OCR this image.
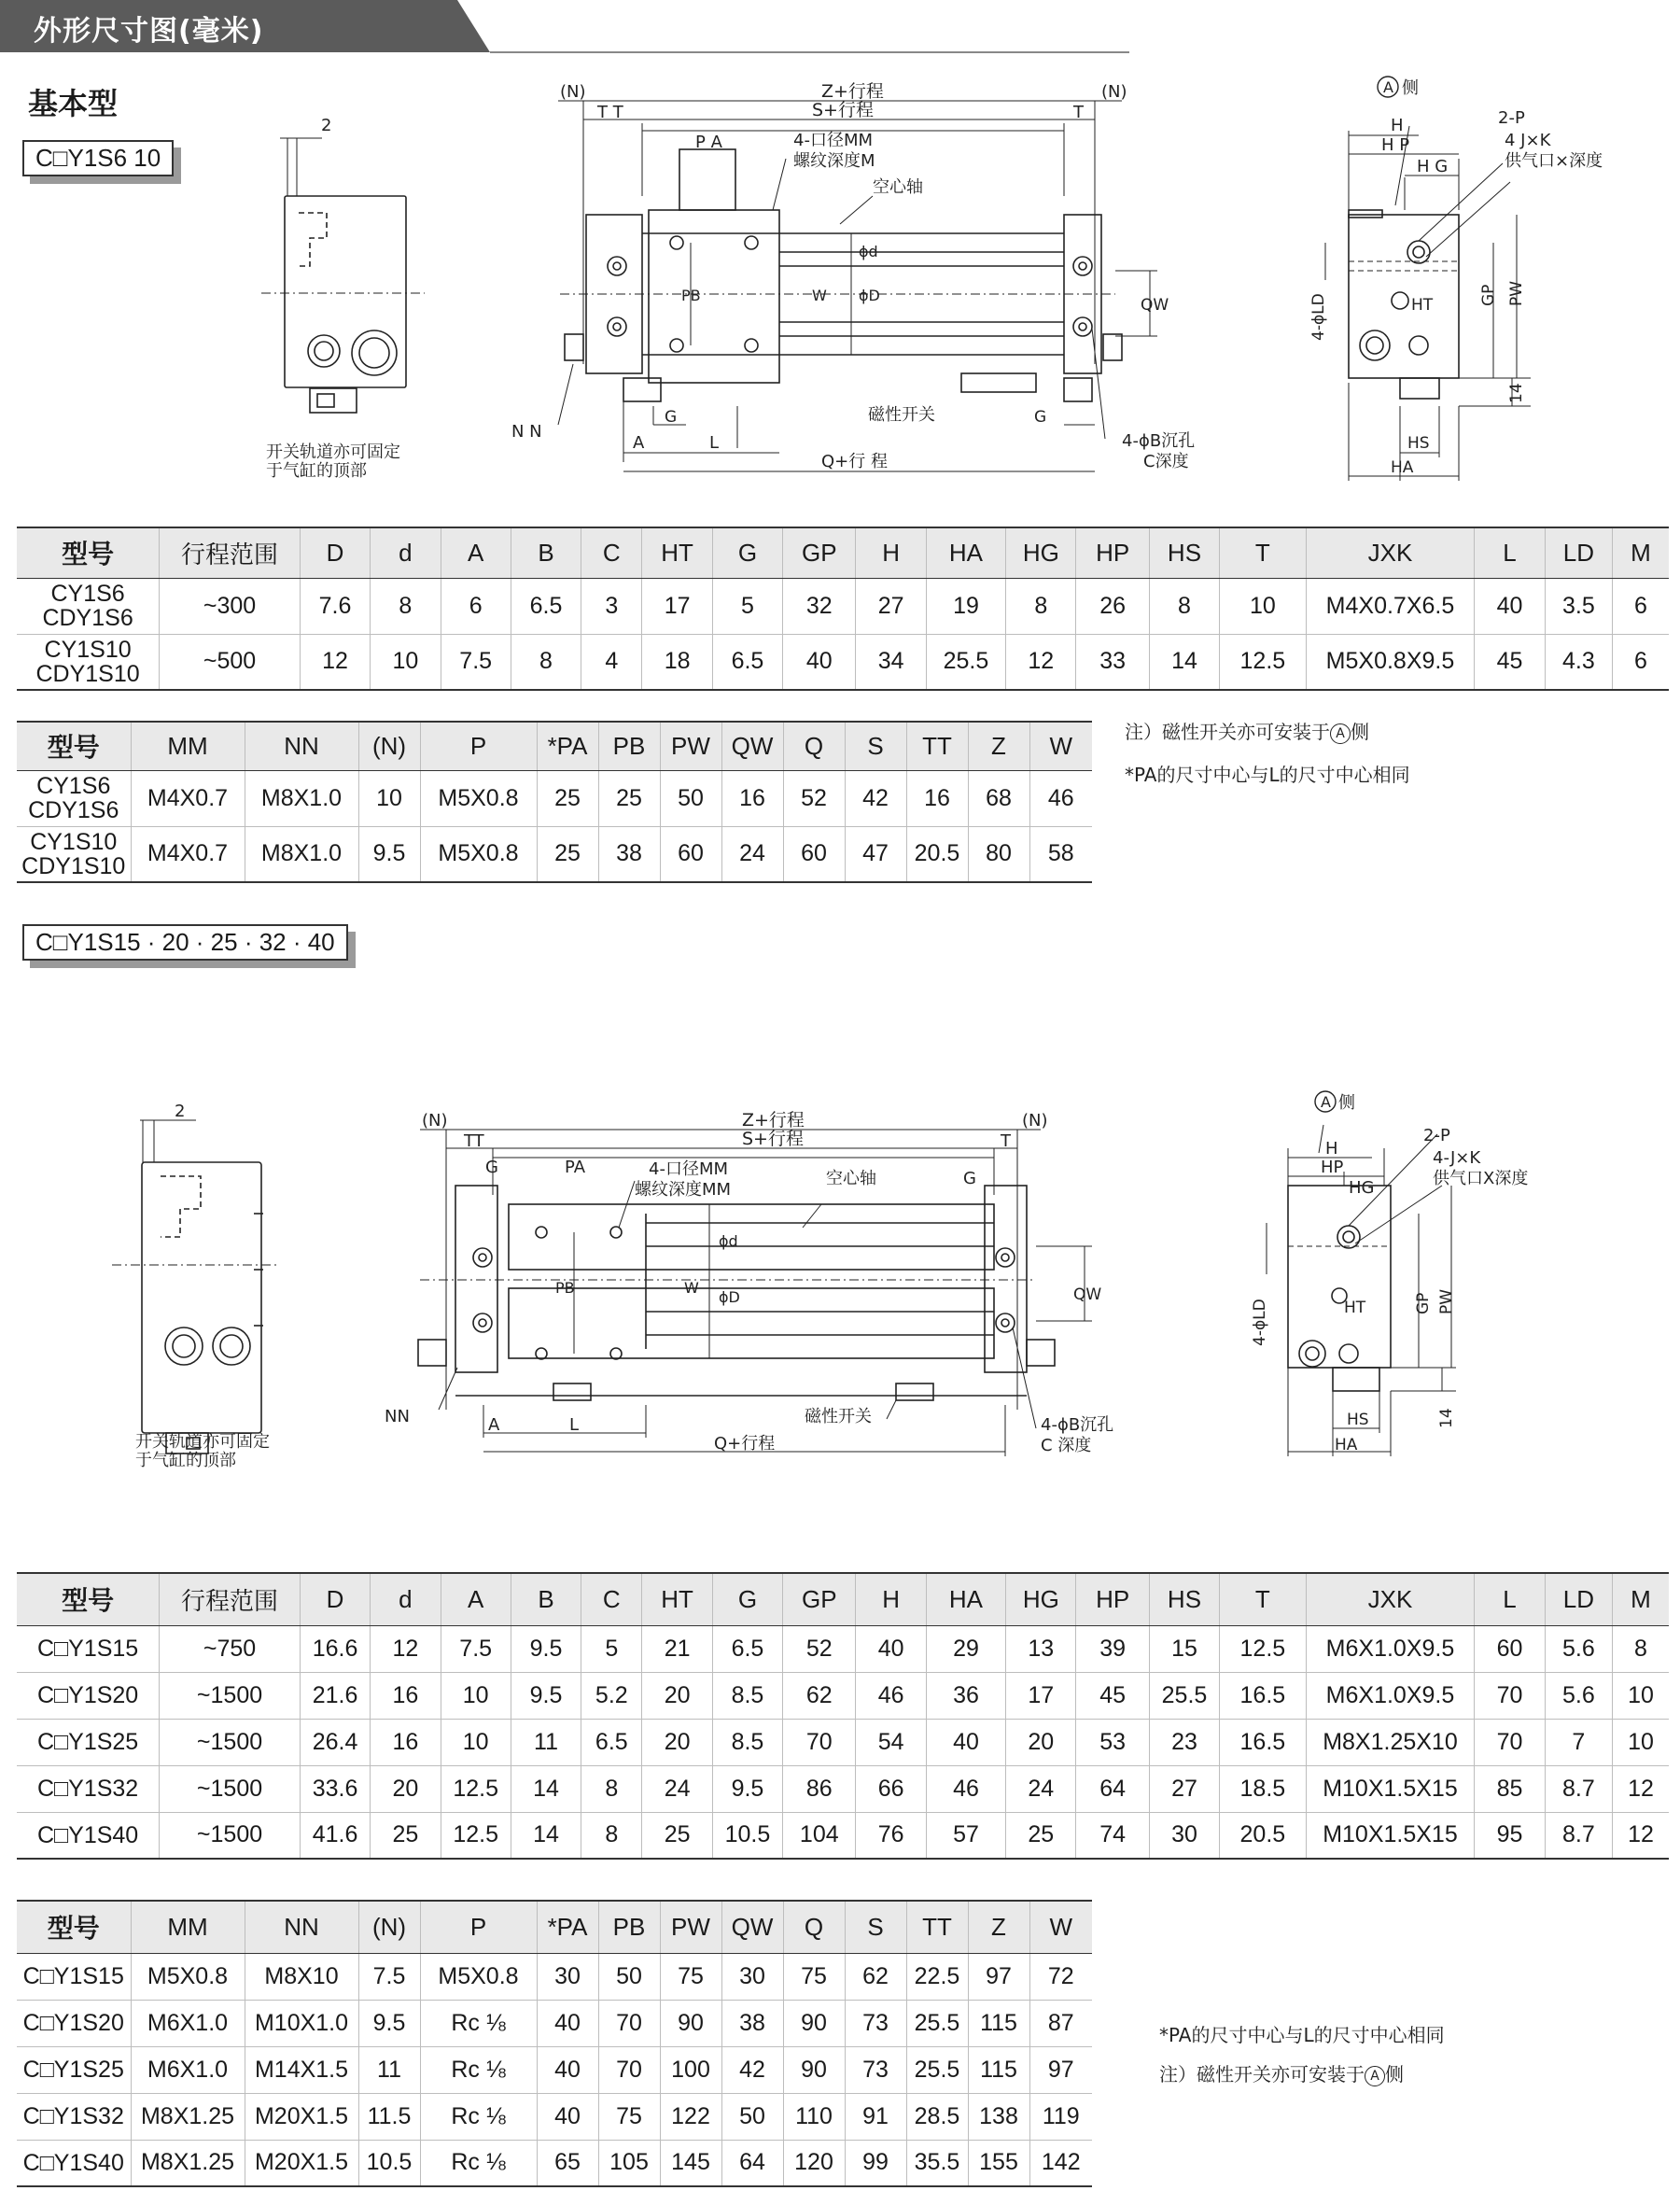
外形尺寸图(毫米)
基本型
C□Y1S6 10
2
开关轨道亦可固定
于气缸的顶部
(N)	(N)
Z+行程
S+行程
T T	T
P A	4-口径MM
螺纹深度M
空心轴
ϕd
ϕD
W
PB
QW
磁性开关
G	G
N N
A	L
Q+行 程
4-ϕB沉孔
C深度
A 侧
H
H P
H G
2-P
4 J×K
供气口×深度
HT	GP PW
4-ϕLD
14
HS
HA
型号	行程范围	D	d	A	B	C	HT	G	GP	H	HA	HG	HP	HS	T	JXK	L	LD	M
CY1S6
CDY1S6	~300	7.6	8	6	6.5	3	17	5	32	27	19	8	26	8	10	M4X0.7X6.5	40	3.5	6
CY1S10
CDY1S10	~500	12	10	7.5	8	4	18	6.5	40	34	25.5	12	33	14	12.5	M5X0.8X9.5	45	4.3	6
型号	MM	NN	(N)	P	*PA	PB	PW	QW	Q	S	TT	Z	W
CY1S6
CDY1S6	M4X0.7	M8X1.0	10	M5X0.8	25	25	50	16	52	42	16	68	46
CY1S10
CDY1S10	M4X0.7	M8X1.0	9.5	M5X0.8	25	38	60	24	60	47	20.5	80	58
注）磁性开关亦可安装于 A 侧
*PA的尺寸中心与L的尺寸中心相同
C□Y1S15 · 20 · 25 · 32 · 40
2
开关轨道亦可固定
于气缸的顶部
(N)	(N)
Z+行程
S+行程
TT	T
G	PA
G
4-口径MM
螺纹深度MM
空心轴
ϕd
ϕD
W
PB	QW
磁性开关
NN	A	L
Q+行程
4-ϕB沉孔
C 深度
A 侧
H
HP
HG
2-P
4-J×K
供气口X深度
HT	GP PW
4-ϕLD
14
HS
HA
型号	行程范围	D	d	A	B	C	HT	G	GP	H	HA	HG	HP	HS	T	JXK	L	LD	M
C□Y1S15	~750	16.6	12	7.5	9.5	5	21	6.5	52	40	29	13	39	15	12.5	M6X1.0X9.5	60	5.6	8
C□Y1S20	~1500	21.6	16	10	9.5	5.2	20	8.5	62	46	36	17	45	25.5	16.5	M6X1.0X9.5	70	5.6	10
C□Y1S25	~1500	26.4	16	10	11	6.5	20	8.5	70	54	40	20	53	23	16.5	M8X1.25X10	70	7	10
C□Y1S32	~1500	33.6	20	12.5	14	8	24	9.5	86	66	46	24	64	27	18.5	M10X1.5X15	85	8.7	12
C□Y1S40	~1500	41.6	25	12.5	14	8	25	10.5	104	76	57	25	74	30	20.5	M10X1.5X15	95	8.7	12
型号	MM	NN	(N)	P	*PA	PB	PW	QW	Q	S	TT	Z	W
C□Y1S15	M5X0.8	M8X10	7.5	M5X0.8	30	50	75	30	75	62	22.5	97	72
C□Y1S20	M6X1.0	M10X1.0	9.5	Rc ⅛	40	70	90	38	90	73	25.5	115	87
C□Y1S25	M6X1.0	M14X1.5	11	Rc ⅛	40	70	100	42	90	73	25.5	115	97
C□Y1S32	M8X1.25	M20X1.5	11.5	Rc ⅛	40	75	122	50	110	91	28.5	138	119
C□Y1S40	M8X1.25	M20X1.5	10.5	Rc ⅛	65	105	145	64	120	99	35.5	155	142
*PA的尺寸中心与L的尺寸中心相同
注）磁性开关亦可安装于 A 侧
